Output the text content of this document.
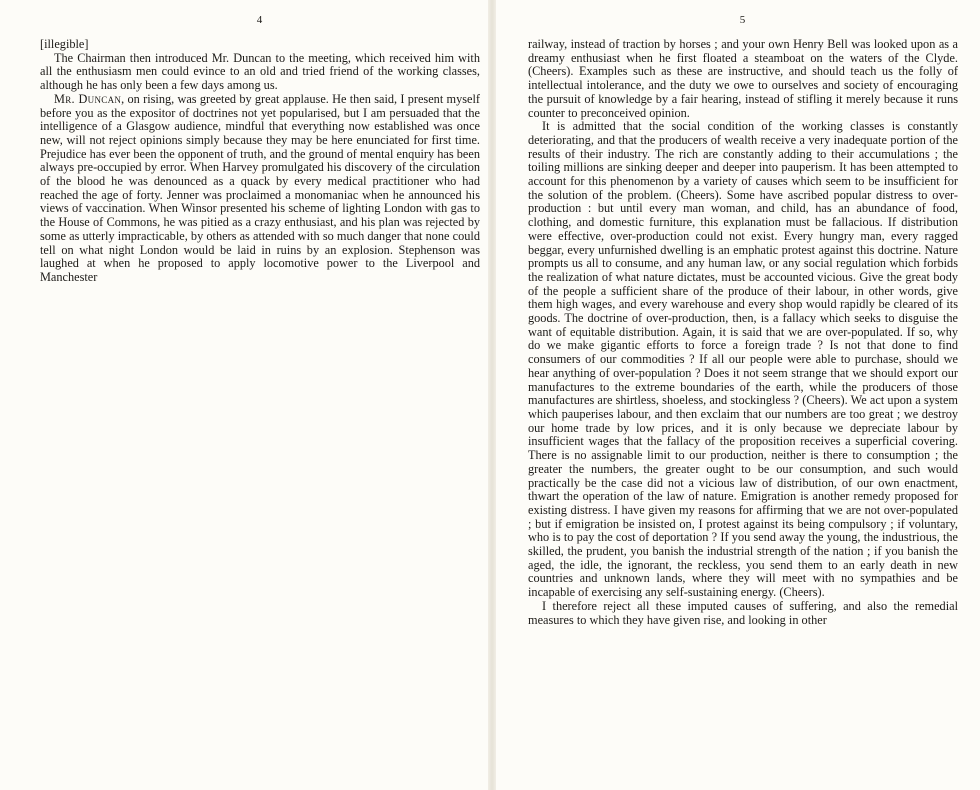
4

[illegible]

The Chairman then introduced Mr. Duncan to the meeting, which received him with all the enthusiasm men could evince to an old and tried friend of the working classes, although he has only been a few days among us.

Mr. Duncan, on rising, was greeted by great applause. He then said, I present myself before you as the expositor of doctrines not yet popularised, but I am persuaded that the intelligence of a Glasgow audience, mindful that everything now established was once new, will not reject opinions simply because they may be here enunciated for first time. Prejudice has ever been the opponent of truth, and the ground of mental enquiry has been always pre-occupied by error. When Harvey promulgated his discovery of the circulation of the blood he was denounced as a quack by every medical practitioner who had reached the age of forty. Jenner was proclaimed a monomaniac when he announced his views of vaccination. When Winsor presented his scheme of lighting London with gas to the House of Commons, he was pitied as a crazy enthusiast, and his plan was rejected by some as utterly impracticable, by others as attended with so much danger that none could tell on what night London would be laid in ruins by an explosion. Stephenson was laughed at when he proposed to apply locomotive power to the Liverpool and Manchester

5

railway, instead of traction by horses ; and your own Henry Bell was looked upon as a dreamy enthusiast when he first floated a steamboat on the waters of the Clyde. (Cheers). Examples such as these are instructive, and should teach us the folly of intellectual intolerance, and the duty we owe to ourselves and society of encouraging the pursuit of knowledge by a fair hearing, instead of stifling it merely because it runs counter to preconceived opinion.

It is admitted that the social condition of the working classes is constantly deteriorating, and that the producers of wealth receive a very inadequate portion of the results of their industry. The rich are constantly adding to their accumulations ; the toiling millions are sinking deeper and deeper into pauperism. It has been attempted to account for this phenomenon by a variety of causes which seem to be insufficient for the solution of the problem. (Cheers). Some have ascribed popular distress to over-production : but until every man woman, and child, has an abundance of food, clothing, and domestic furniture, this explanation must be fallacious. If distribution were effective, over-production could not exist. Every hungry man, every ragged beggar, every unfurnished dwelling is an emphatic protest against this doctrine. Nature prompts us all to consume, and any human law, or any social regulation which forbids the realization of what nature dictates, must be accounted vicious. Give the great body of the people a sufficient share of the produce of their labour, in other words, give them high wages, and every warehouse and every shop would rapidly be cleared of its goods. The doctrine of over-production, then, is a fallacy which seeks to disguise the want of equitable distribution. Again, it is said that we are over-populated. If so, why do we make gigantic efforts to force a foreign trade ? Is not that done to find consumers of our commodities ? If all our people were able to purchase, should we hear anything of over-population ? Does it not seem strange that we should export our manufactures to the extreme boundaries of the earth, while the producers of those manufactures are shirtless, shoeless, and stockingless ? (Cheers). We act upon a system which pauperises labour, and then exclaim that our numbers are too great ; we destroy our home trade by low prices, and it is only because we depreciate labour by insufficient wages that the fallacy of the proposition receives a superficial covering. There is no assignable limit to our production, neither is there to consumption ; the greater the numbers, the greater ought to be our consumption, and such would practically be the case did not a vicious law of distribution, of our own enactment, thwart the operation of the law of nature. Emigration is another remedy proposed for existing distress. I have given my reasons for affirming that we are not over-populated ; but if emigration be insisted on, I protest against its being compulsory ; if voluntary, who is to pay the cost of deportation ? If you send away the young, the industrious, the skilled, the prudent, you banish the industrial strength of the nation ; if you banish the aged, the idle, the ignorant, the reckless, you send them to an early death in new countries and unknown lands, where they will meet with no sympathies and be incapable of exercising any self-sustaining energy. (Cheers).

I therefore reject all these imputed causes of suffering, and also the remedial measures to which they have given rise, and looking in other
